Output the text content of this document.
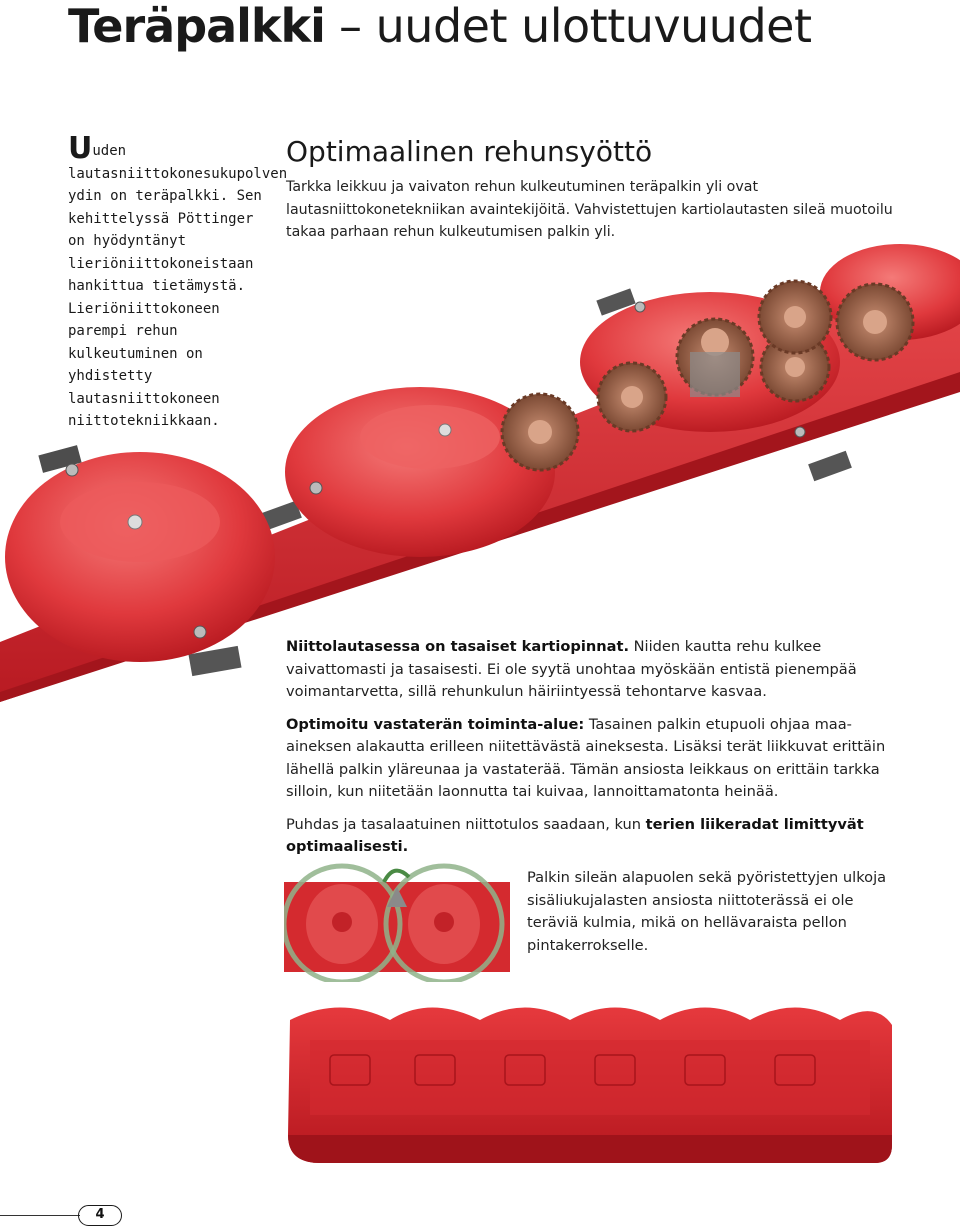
Teräpalkki – uudet ulottuvuudet
Uuden lautasniittokonesukupolven ydin on teräpalkki. Sen kehittelyssä Pöttinger on hyödyntänyt lieriöniittokoneistaan hankittua tietämystä. Lieriöniittokoneen parempi rehun kulkeutuminen on yhdistetty lautasniittokoneen niittotekniikkaan.
Optimaalinen rehunsyöttö

Tarkka leikkuu ja vaivaton rehun kulkeutuminen teräpalkin yli ovat lautasniittokonetekniikan avaintekijöitä. Vahvistettujen kartiolautasten sileä muotoilu takaa parhaan rehun kulkeutumisen palkin yli.

Niittolautasessa on tasaiset kartiopinnat. Niiden kautta rehu kulkee vaivattomasti ja tasaisesti. Ei ole syytä unohtaa myöskään entistä pienempää voimantarvetta, sillä rehunkulun häiriintyessä tehontarve kasvaa.

Optimoitu vastaterän toiminta-alue: Tasainen palkin etupuoli ohjaa maa-aineksen alakautta erilleen niitettävästä aineksesta. Lisäksi terät liikkuvat erittäin lähellä palkin yläreunaa ja vastaterää. Tämän ansiosta leikkaus on erittäin tarkka silloin, kun niitetään laonnutta tai kuivaa, lannoittamatonta heinää.

Puhdas ja tasalaatuinen niittotulos saadaan, kun terien liikeradat limittyvät optimaalisesti.

Palkin sileän alapuolen sekä pyöristettyjen ulkoja sisäliukujalasten ansiosta niittoterässä ei ole teräviä kulmia, mikä on hellävaraista pellon pintakerrokselle.

4
